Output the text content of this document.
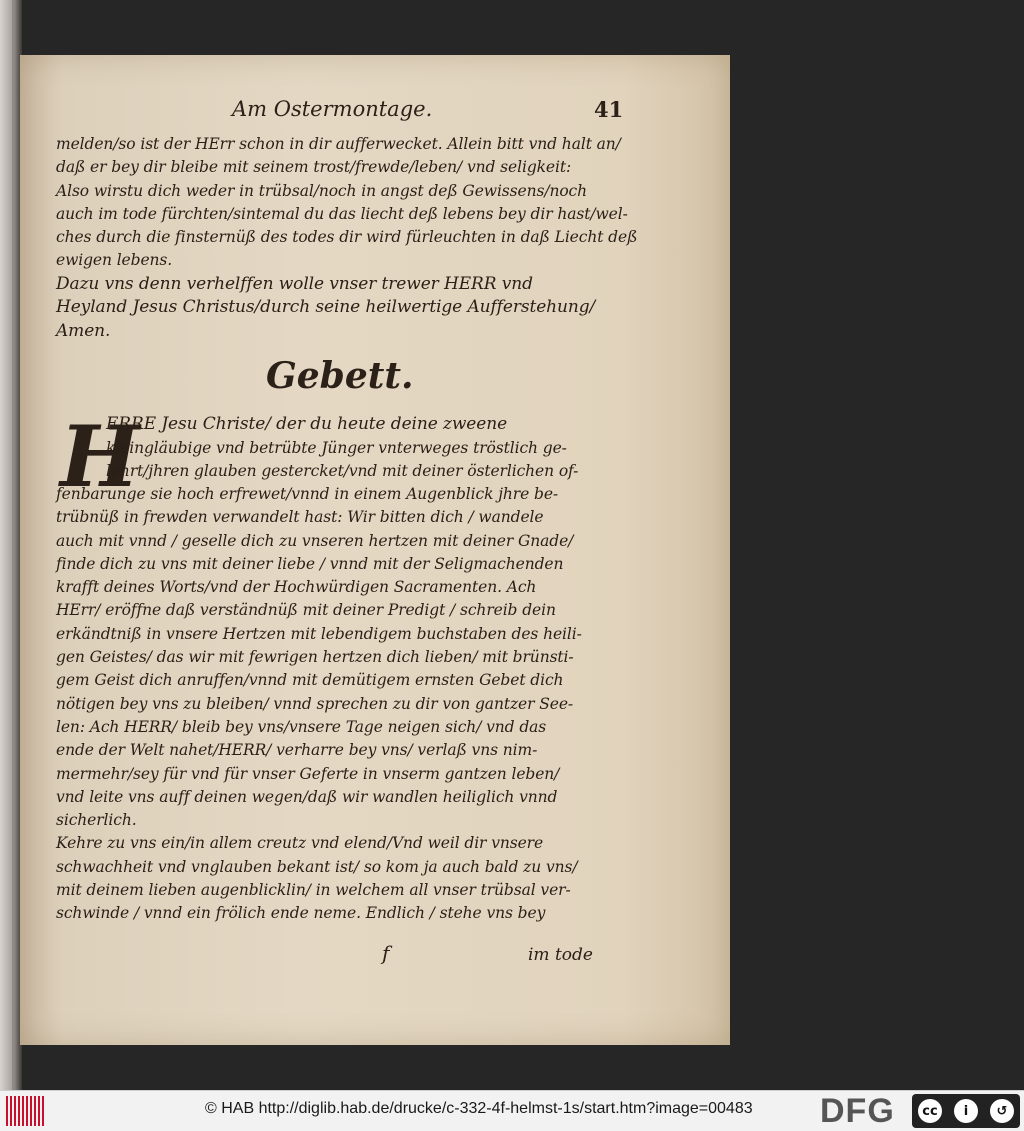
Am Ostermontage.	41
melden/so ist der HErr schon in dir aufferwecket. Allein bitt vnd halt an/
daß er bey dir bleibe mit seinem trost/frewde/leben/ vnd seligkeit:
Also wirstu dich weder in trübsal/noch in angst deß Gewissens/noch
auch im tode fürchten/sintemal du das liecht deß lebens bey dir hast/wel-
ches durch die finsternüß des todes dir wird fürleuchten in daß Liecht deß
ewigen lebens.
Dazu vns denn verhelffen wolle vnser trewer HERR vnd
Heyland Jesus Christus/durch seine heilwertige Aufferstehung/
Amen.
Gebett.
H
ERRE Jesu Christe/ der du heute deine zweene
kleingläubige vnd betrübte Jünger vnterweges tröstlich ge-
lehrt/jhren glauben gestercket/vnd mit deiner österlichen of-
fenbarunge sie hoch erfrewet/vnnd in einem Augenblick jhre be-
trübnüß in frewden verwandelt hast: Wir bitten dich / wandele
auch mit vnnd / geselle dich zu vnseren hertzen mit deiner Gnade/
finde dich zu vns mit deiner liebe / vnnd mit der Seligmachenden
krafft deines Worts/vnd der Hochwürdigen Sacramenten. Ach
HErr/ eröffne daß verständnüß mit deiner Predigt / schreib dein
erkändtniß in vnsere Hertzen mit lebendigem buchstaben des heili-
gen Geistes/ das wir mit fewrigen hertzen dich lieben/ mit brünsti-
gem Geist dich anruffen/vnnd mit demütigem ernsten Gebet dich
nötigen bey vns zu bleiben/ vnnd sprechen zu dir von gantzer See-
len: Ach HERR/ bleib bey vns/vnsere Tage neigen sich/ vnd das
ende der Welt nahet/HERR/ verharre bey vns/ verlaß vns nim-
mermehr/sey für vnd für vnser Geferte in vnserm gantzen leben/
vnd leite vns auff deinen wegen/daß wir wandlen heiliglich vnnd
sicherlich.
Kehre zu vns ein/in allem creutz vnd elend/Vnd weil dir vnsere
schwachheit vnd vnglauben bekant ist/ so kom ja auch bald zu vns/
mit deinem lieben augenblicklin/ in welchem all vnser trübsal ver-
schwinde / vnnd ein frölich ende neme. Endlich / stehe vns bey
f	im tode
© HAB http://diglib.hab.de/drucke/c-332-4f-helmst-1s/start.htm?image=00483 DFG	cc	i	↺
